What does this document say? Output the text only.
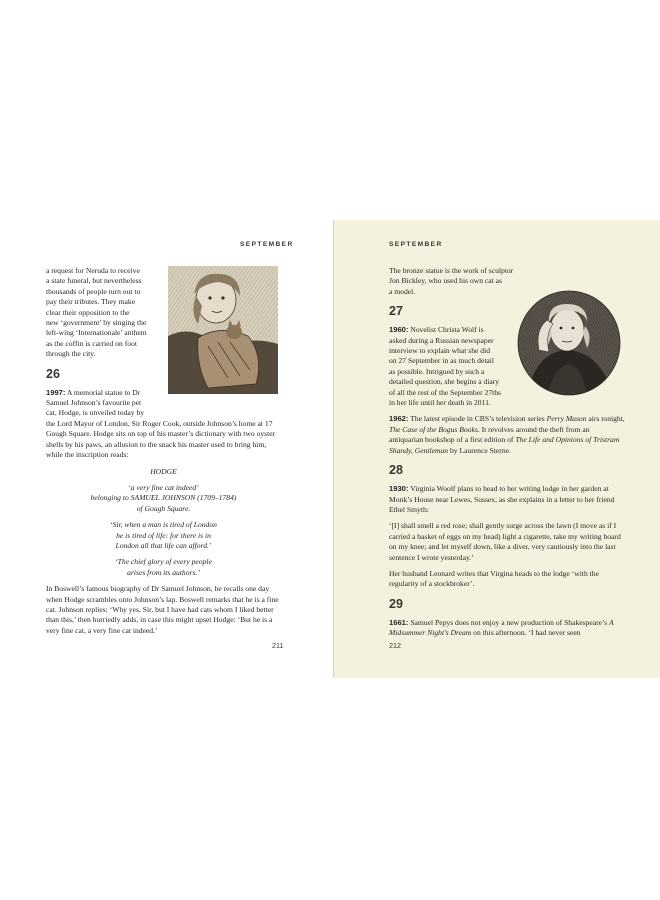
SEPTEMBER

a request for Neruda to receive
a state funeral, but nevertheless
thousands of people turn out to
pay their tributes. They make
clear their opposition to the
new ‘government’ by singing the
left-wing ‘Internationale’ anthem
as the coffin is carried on foot
through the city.

26

1997: A memorial statue to Dr
Samuel Johnson’s favourite pet
cat, Hodge, is unveiled today by
the Lord Mayor of London, Sir Roger Cook, outside Johnson’s home at 17 Gough Square. Hodge sits on top of his master’s dictionary with two oyster shells by his paws, an allusion to the snack his master used to bring him, while the inscription reads:

HODGE
‘a very fine cat indeed’
belonging to SAMUEL JOHNSON (1709–1784)
of Gough Square.
‘Sir, when a man is tired of London
he is tired of life: for there is in
London all that life can afford.’
‘The chief glory of every people
arises from its authors.’

In Boswell’s famous biography of Dr Samuel Johnson, he recalls one day when Hodge scrambles onto Johnson’s lap. Boswell remarks that he is a fine cat. Johnson replies: ‘Why yes, Sir, but I have had cats whom I liked better than this,’ then hurriedly adds, in case this might upset Hodge: ‘But he is a very fine cat, a very fine cat indeed.’

211
SEPTEMBER

The bronze statue is the work of sculptor
Jon Bickley, who used his own cat as
a model.

27

1960: Novelist Christa Wolf is
asked during a Russian newspaper
interview to explain what she did
on 27 September in as much detail
as possible. Intrigued by such a
detailed question, she begins a diary
of all the rest of the September 27ths
in her life until her death in 2011.

1962: The latest episode in CBS’s television series Perry Mason airs tonight, The Case of the Bogus Books. It revolves around the theft from an antiquarian bookshop of a first edition of The Life and Opinions of Tristram Shandy, Gentleman by Laurence Sterne.

28

1930: Virginia Woolf plans to head to her writing lodge in her garden at Monk’s House near Lewes, Sussex, as she explains in a letter to her friend Ethel Smyth:

‘[I] shall smell a red rose; shall gently surge across the lawn (I move as if I carried a basket of eggs on my head) light a cigarette, take my writing board on my knee; and let myself down, like a diver, very cautiously into the last sentence I wrote yesterday.’

Her husband Leonard writes that Virgina heads to the lodge ‘with the regularity of a stockbroker’.

29

1661: Samuel Pepys does not enjoy a new production of Shakespeare’s A Midsummer Night’s Dream on this afternoon. ‘I had never seen

212
